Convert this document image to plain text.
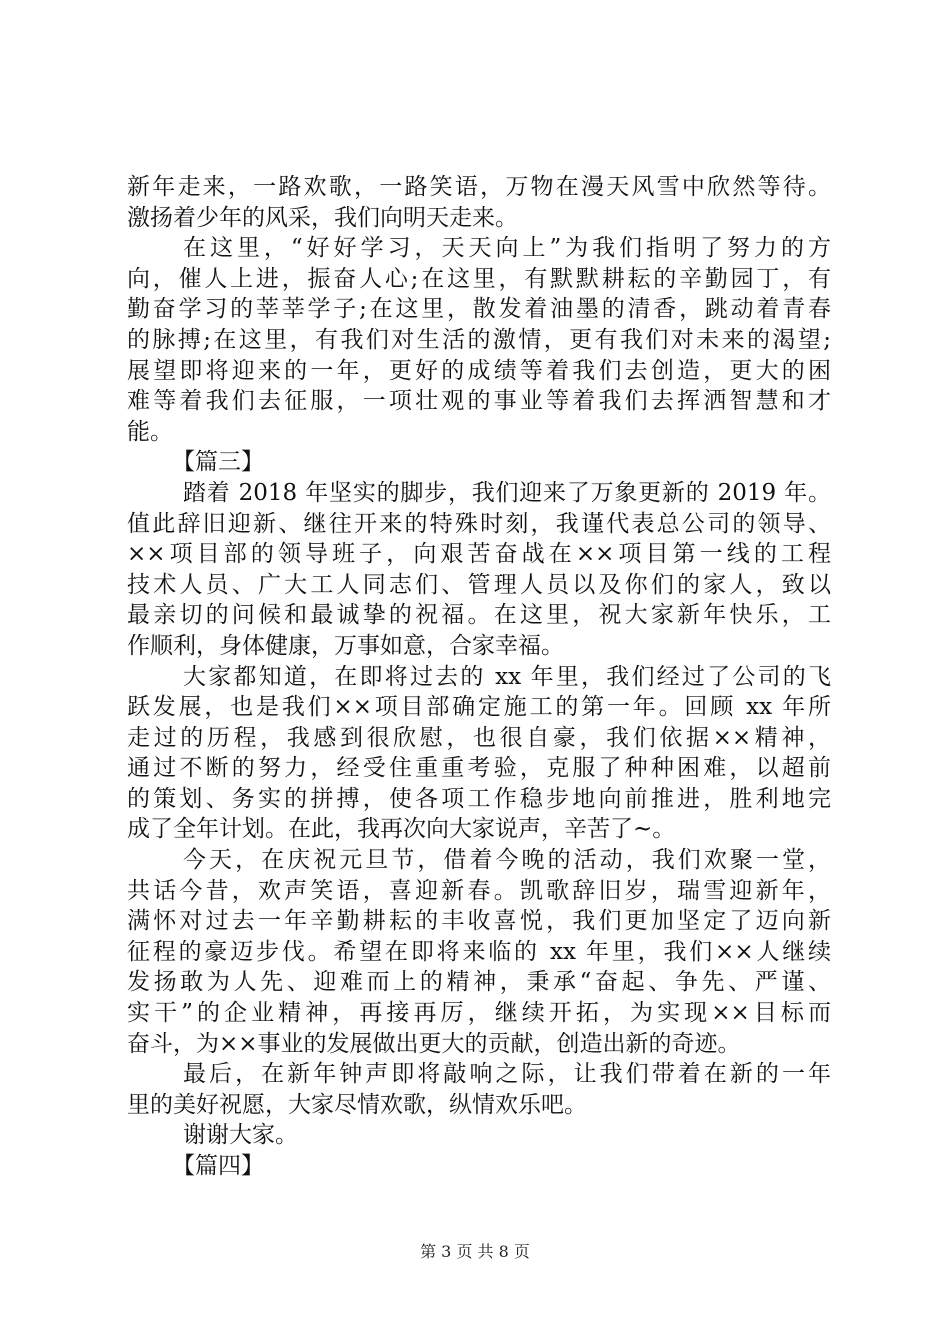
新年走来，一路欢歌，一路笑语，万物在漫天风雪中欣然等待。
激扬着少年的风采，我们向明天走来。
在这里，“好好学习，天天向上”为我们指明了努力的方
向，催人上进，振奋人心;在这里，有默默耕耘的辛勤园丁，有
勤奋学习的莘莘学子;在这里，散发着油墨的清香，跳动着青春
的脉搏;在这里，有我们对生活的激情，更有我们对未来的渴望;
展望即将迎来的一年，更好的成绩等着我们去创造，更大的困
难等着我们去征服，一项壮观的事业等着我们去挥洒智慧和才
能。
【篇三】
踏着 2018 年坚实的脚步，我们迎来了万象更新的 2019 年。
值此辞旧迎新、继往开来的特殊时刻，我谨代表总公司的领导、
××项目部的领导班子，向艰苦奋战在××项目第一线的工程
技术人员、广大工人同志们、管理人员以及你们的家人，致以
最亲切的问候和最诚挚的祝福。在这里，祝大家新年快乐，工
作顺利，身体健康，万事如意，合家幸福。
大家都知道，在即将过去的 xx 年里，我们经过了公司的飞
跃发展，也是我们××项目部确定施工的第一年。回顾 xx 年所
走过的历程，我感到很欣慰，也很自豪，我们依据××精神，
通过不断的努力，经受住重重考验，克服了种种困难，以超前
的策划、务实的拼搏，使各项工作稳步地向前推进，胜利地完
成了全年计划。在此，我再次向大家说声，辛苦了~。
今天，在庆祝元旦节，借着今晚的活动，我们欢聚一堂，
共话今昔，欢声笑语，喜迎新春。凯歌辞旧岁，瑞雪迎新年，
满怀对过去一年辛勤耕耘的丰收喜悦，我们更加坚定了迈向新
征程的豪迈步伐。希望在即将来临的 xx 年里，我们××人继续
发扬敢为人先、迎难而上的精神，秉承“奋起、争先、严谨、
实干”的企业精神，再接再厉，继续开拓，为实现××目标而
奋斗，为××事业的发展做出更大的贡献，创造出新的奇迹。
最后，在新年钟声即将敲响之际，让我们带着在新的一年
里的美好祝愿，大家尽情欢歌，纵情欢乐吧。
谢谢大家。
【篇四】
第 3 页 共 8 页
